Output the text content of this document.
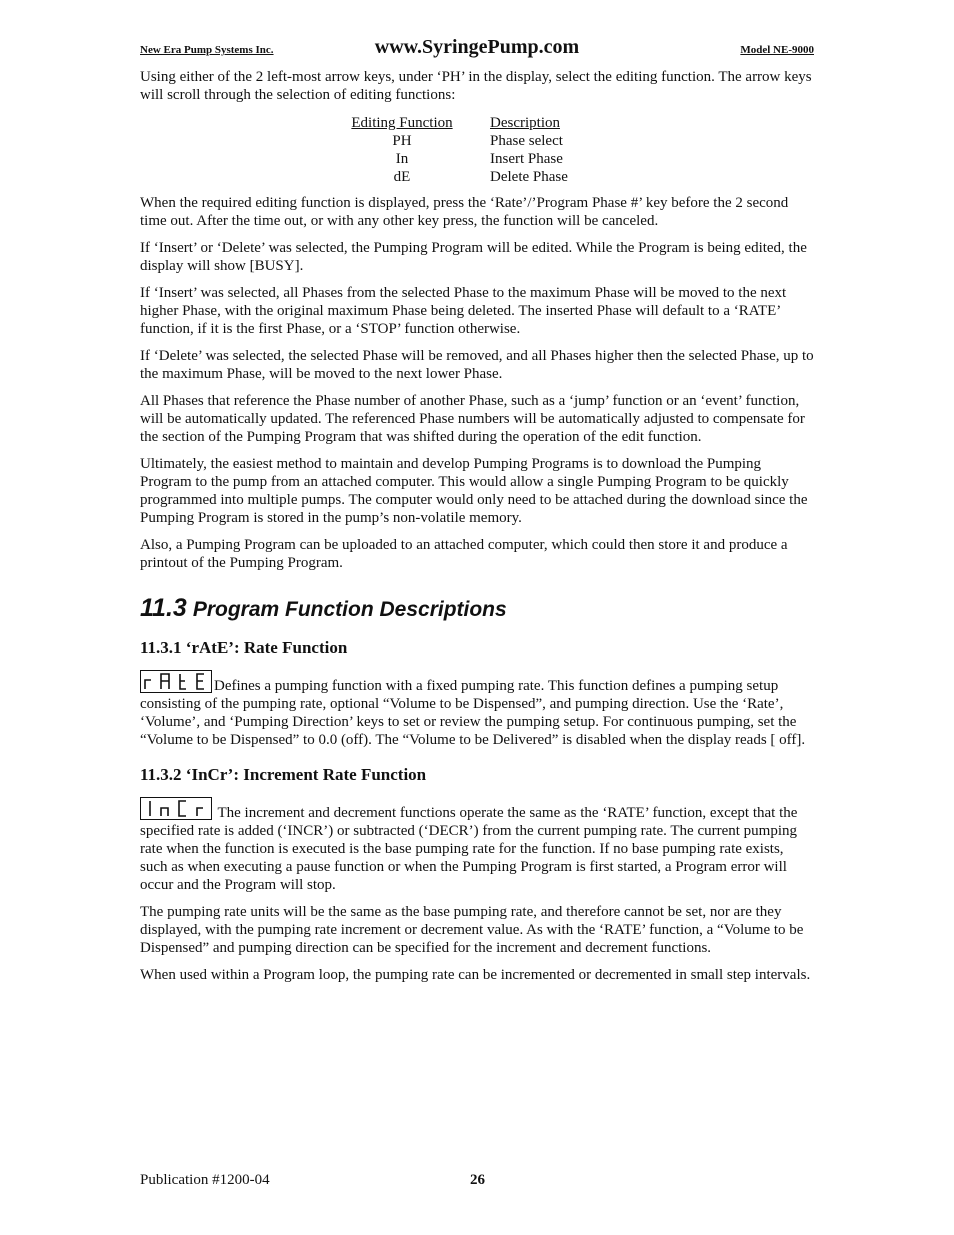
New Era Pump Systems Inc.	www.SyringePump.com	Model NE-9000

Using either of the 2 left-most arrow keys, under ‘PH’ in the display, select the editing function. The arrow keys will scroll through the selection of editing functions:

Editing Function	Description
PH	Phase select
In	Insert Phase
dE	Delete Phase

When the required editing function is displayed, press the ‘Rate’/’Program Phase #’ key before the 2 second time out. After the time out, or with any other key press, the function will be canceled.

If ‘Insert’ or ‘Delete’ was selected, the Pumping Program will be edited. While the Program is being edited, the display will show [BUSY].

If ‘Insert’ was selected, all Phases from the selected Phase to the maximum Phase will be moved to the next higher Phase, with the original maximum Phase being deleted. The inserted Phase will default to a ‘RATE’ function, if it is the first Phase, or a ‘STOP’ function otherwise.

If ‘Delete’ was selected, the selected Phase will be removed, and all Phases higher then the selected Phase, up to the maximum Phase, will be moved to the next lower Phase.

All Phases that reference the Phase number of another Phase, such as a ‘jump’ function or an ‘event’ function, will be automatically updated. The referenced Phase numbers will be automatically adjusted to compensate for the section of the Pumping Program that was shifted during the operation of the edit function.

Ultimately, the easiest method to maintain and develop Pumping Programs is to download the Pumping Program to the pump from an attached computer. This would allow a single Pumping Program to be quickly programmed into multiple pumps. The computer would only need to be attached during the download since the Pumping Program is stored in the pump’s non-volatile memory.

Also, a Pumping Program can be uploaded to an attached computer, which could then store it and produce a printout of the Pumping Program.

11.3 Program Function Descriptions
11.3.1 ‘rAtE’: Rate Function

Defines a pumping function with a fixed pumping rate. This function defines a pumping setup consisting of the pumping rate, optional “Volume to be Dispensed”, and pumping direction. Use the ‘Rate’, ‘Volume’, and ‘Pumping Direction’ keys to set or review the pumping setup. For continuous pumping, set the “Volume to be Dispensed” to 0.0 (off). The “Volume to be Delivered” is disabled when the display reads [ off].

11.3.2 ‘InCr’: Increment Rate Function

The increment and decrement functions operate the same as the ‘RATE’ function, except that the specified rate is added (‘INCR’) or subtracted (‘DECR’) from the current pumping rate. The current pumping rate when the function is executed is the base pumping rate for the function. If no base pumping rate exists, such as when executing a pause function or when the Pumping Program is first started, a Program error will occur and the Program will stop.

The pumping rate units will be the same as the base pumping rate, and therefore cannot be set, nor are they displayed, with the pumping rate increment or decrement value. As with the ‘RATE’ function, a “Volume to be Dispensed” and pumping direction can be specified for the increment and decrement functions.

When used within a Program loop, the pumping rate can be incremented or decremented in small step intervals.

Publication #1200-04	26
